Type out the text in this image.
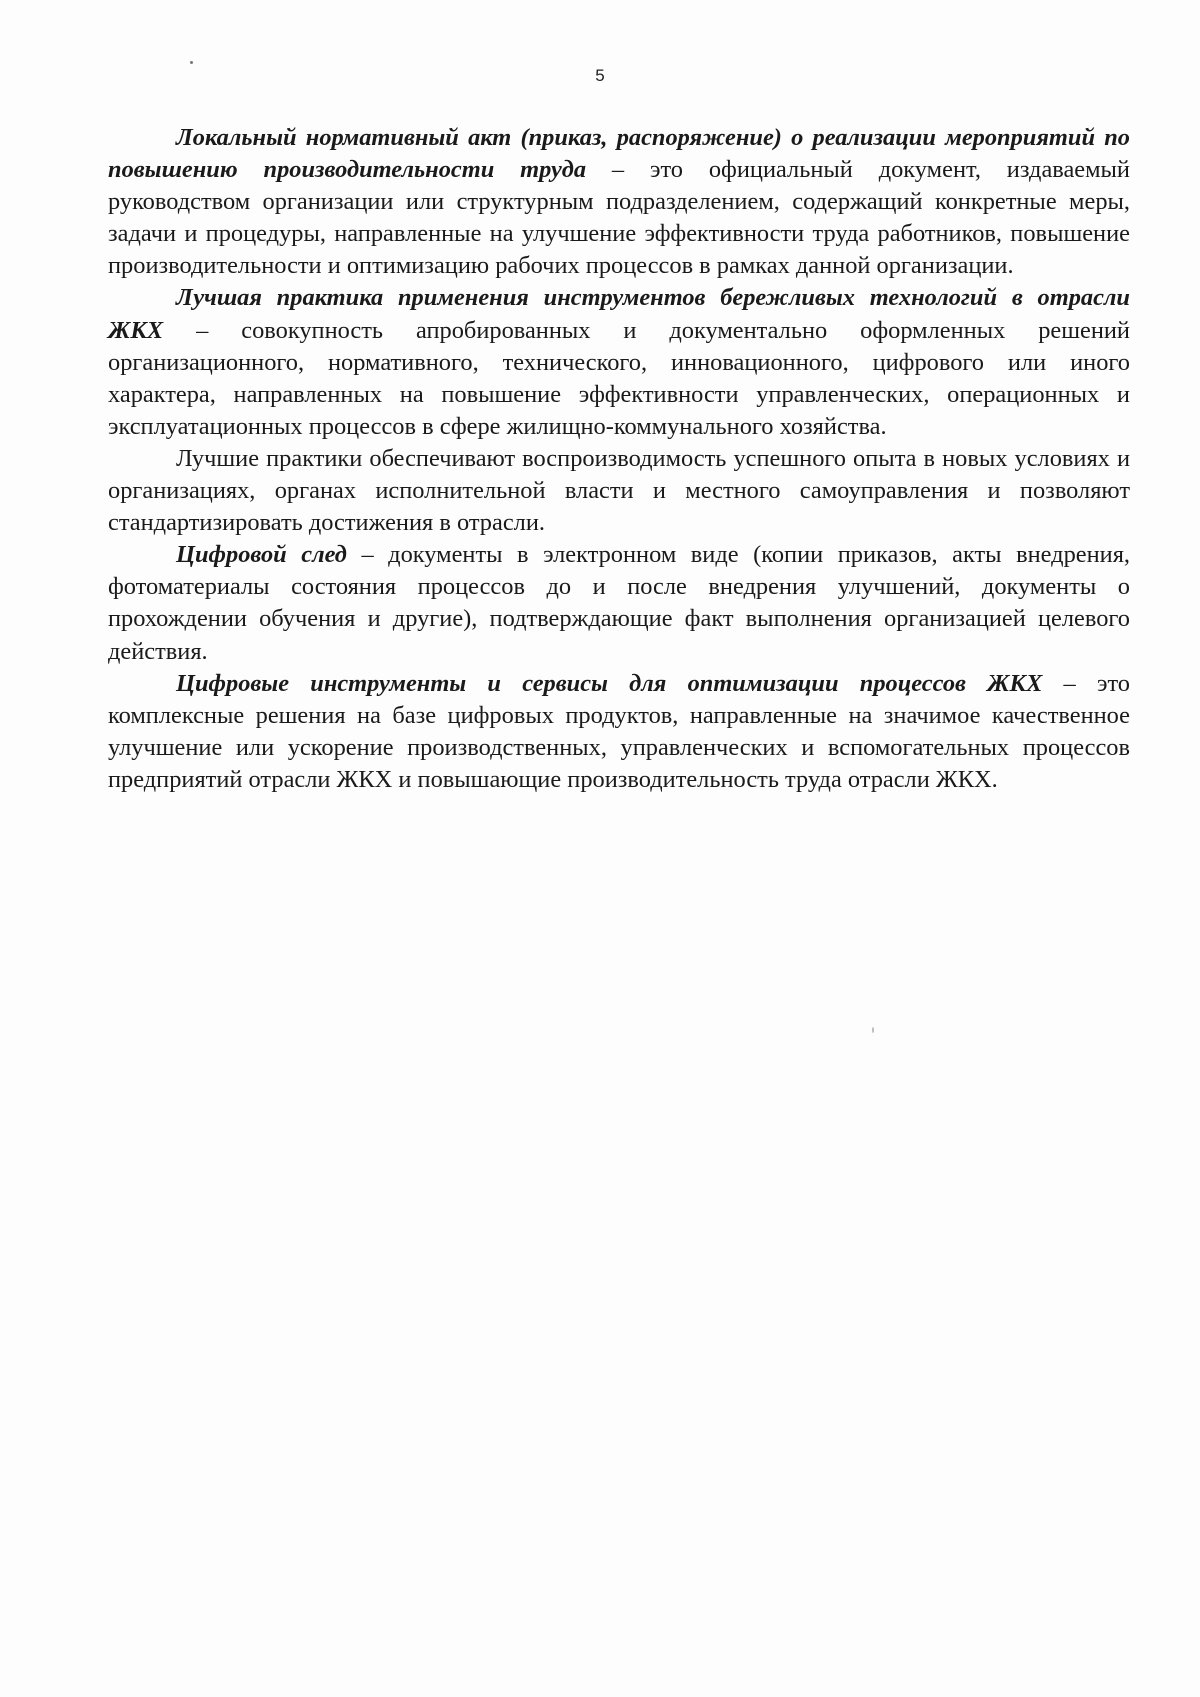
5

Локальный нормативный акт (приказ, распоряжение) о реализации мероприятий по повышению производительности труда – это официальный документ, издаваемый руководством организации или структурным подразделением, содержащий конкретные меры, задачи и процедуры, направленные на улучшение эффективности труда работников, повышение производительности и оптимизацию рабочих процессов в рамках данной организации.

Лучшая практика применения инструментов бережливых технологий в отрасли ЖКХ – совокупность апробированных и документально оформленных решений организационного, нормативного, технического, инновационного, цифрового или иного характера, направленных на повышение эффективности управленческих, операционных и эксплуатационных процессов в сфере жилищно-коммунального хозяйства.

Лучшие практики обеспечивают воспроизводимость успешного опыта в новых условиях и организациях, органах исполнительной власти и местного самоуправления и позволяют стандартизировать достижения в отрасли.

Цифровой след – документы в электронном виде (копии приказов, акты внедрения, фотоматериалы состояния процессов до и после внедрения улучшений, документы о прохождении обучения и другие), подтверждающие факт выполнения организацией целевого действия.

Цифровые инструменты и сервисы для оптимизации процессов ЖКХ – это комплексные решения на базе цифровых продуктов, направленные на значимое качественное улучшение или ускорение производственных, управленческих и вспомогательных процессов предприятий отрасли ЖКХ и повышающие производительность труда отрасли ЖКХ.
